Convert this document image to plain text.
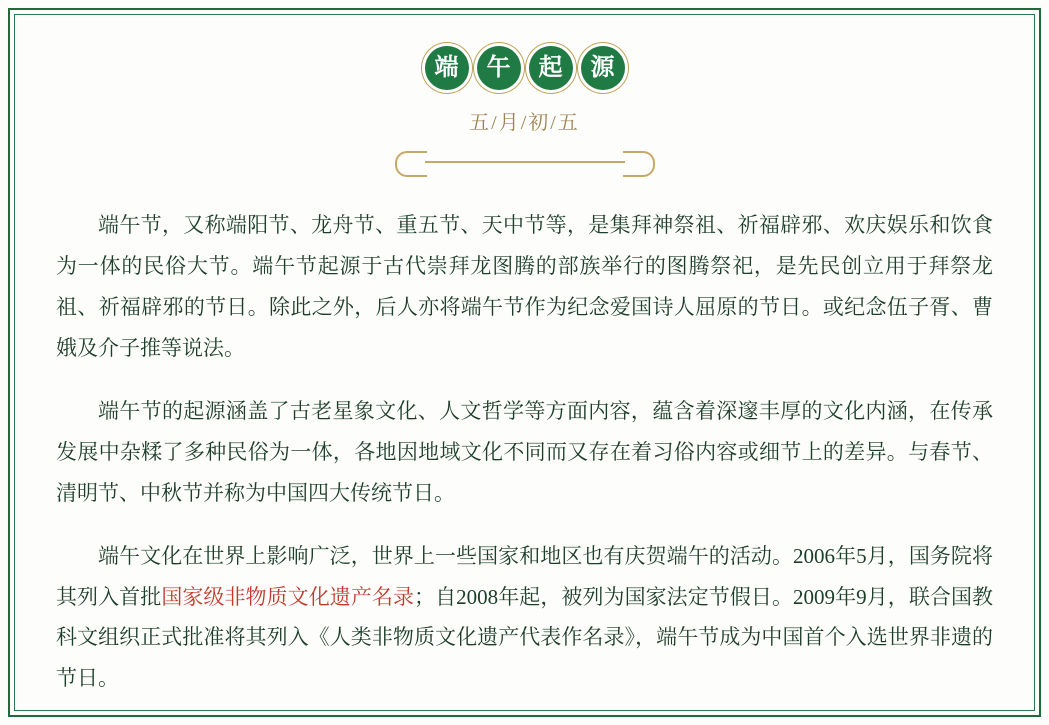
端	午	起	源
五/月/初/五

端午节，又称端阳节、龙舟节、重五节、天中节等，是集拜神祭祖、祈福辟邪、欢庆娱乐和饮食为一体的民俗大节。端午节起源于古代崇拜龙图腾的部族举行的图腾祭祀，是先民创立用于拜祭龙祖、祈福辟邪的节日。除此之外，后人亦将端午节作为纪念爱国诗人屈原的节日。或纪念伍子胥、曹娥及介子推等说法。

端午节的起源涵盖了古老星象文化、人文哲学等方面内容，蕴含着深邃丰厚的文化内涵，在传承发展中杂糅了多种民俗为一体，各地因地域文化不同而又存在着习俗内容或细节上的差异。与春节、清明节、中秋节并称为中国四大传统节日。

端午文化在世界上影响广泛，世界上一些国家和地区也有庆贺端午的活动。2006年5月，国务院将其列入首批国家级非物质文化遗产名录；自2008年起，被列为国家法定节假日。2009年9月，联合国教科文组织正式批准将其列入《人类非物质文化遗产代表作名录》，端午节成为中国首个入选世界非遗的节日。
